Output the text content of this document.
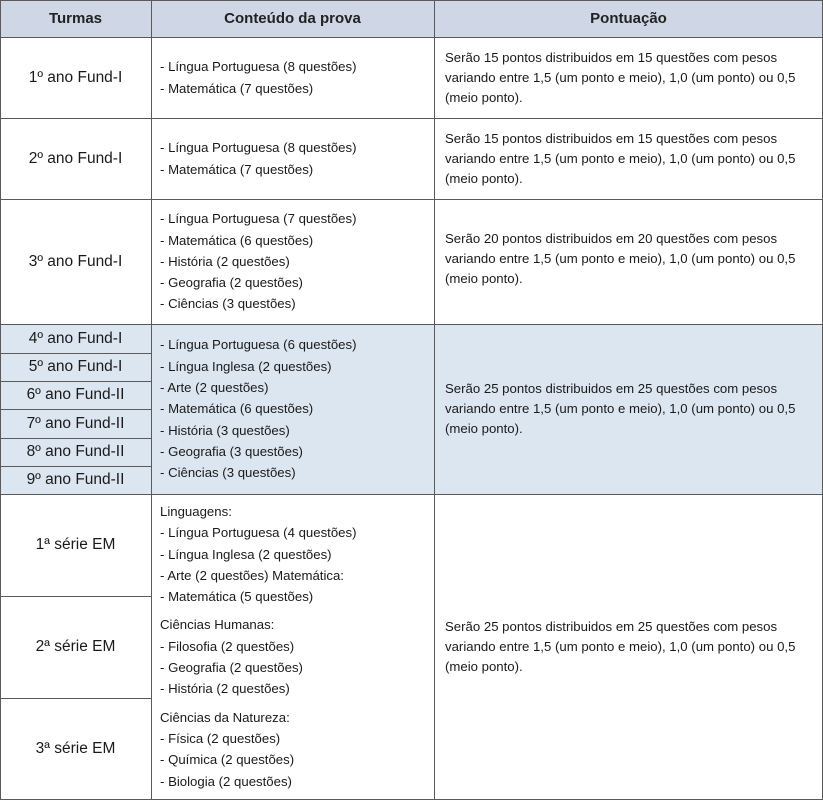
Turmas	Conteúdo da prova	Pontuação
1º ano Fund-I
- Língua Portuguesa (8 questões)
- Matemática (7 questões)
Serão 15 pontos distribuidos em 15 questões com pesos variando entre 1,5 (um ponto e meio), 1,0 (um ponto) ou 0,5 (meio ponto).
2º ano Fund-I
- Língua Portuguesa (8 questões)
- Matemática (7 questões)
Serão 15 pontos distribuidos em 15 questões com pesos variando entre 1,5 (um ponto e meio), 1,0 (um ponto) ou 0,5 (meio ponto).
3º ano Fund-I
- Língua Portuguesa (7 questões)
- Matemática (6 questões)
- História (2 questões)
- Geografia (2 questões)
- Ciências (3 questões)
Serão 20 pontos distribuidos em 20 questões com pesos variando entre 1,5 (um ponto e meio), 1,0 (um ponto) ou 0,5 (meio ponto).
4º ano Fund-I
5º ano Fund-I
6º ano Fund-II
7º ano Fund-II
8º ano Fund-II
9º ano Fund-II
- Língua Portuguesa (6 questões)
- Língua Inglesa (2 questões)
- Arte (2 questões)
- Matemática (6 questões)
- História (3 questões)
- Geografia (3 questões)
- Ciências (3 questões)
Serão 25 pontos distribuidos em 25 questões com pesos variando entre 1,5 (um ponto e meio), 1,0 (um ponto) ou 0,5 (meio ponto).
1ª série EM
2ª série EM
3ª série EM
Linguagens:
- Língua Portuguesa (4 questões)
- Língua Inglesa (2 questões)
- Arte (2 questões) Matemática:
- Matemática (5 questões)
Ciências Humanas:
- Filosofia (2 questões)
- Geografia (2 questões)
- História (2 questões)
Ciências da Natureza:
- Física (2 questões)
- Química (2 questões)
- Biologia (2 questões)
Serão 25 pontos distribuidos em 25 questões com pesos variando entre 1,5 (um ponto e meio), 1,0 (um ponto) ou 0,5 (meio ponto).
